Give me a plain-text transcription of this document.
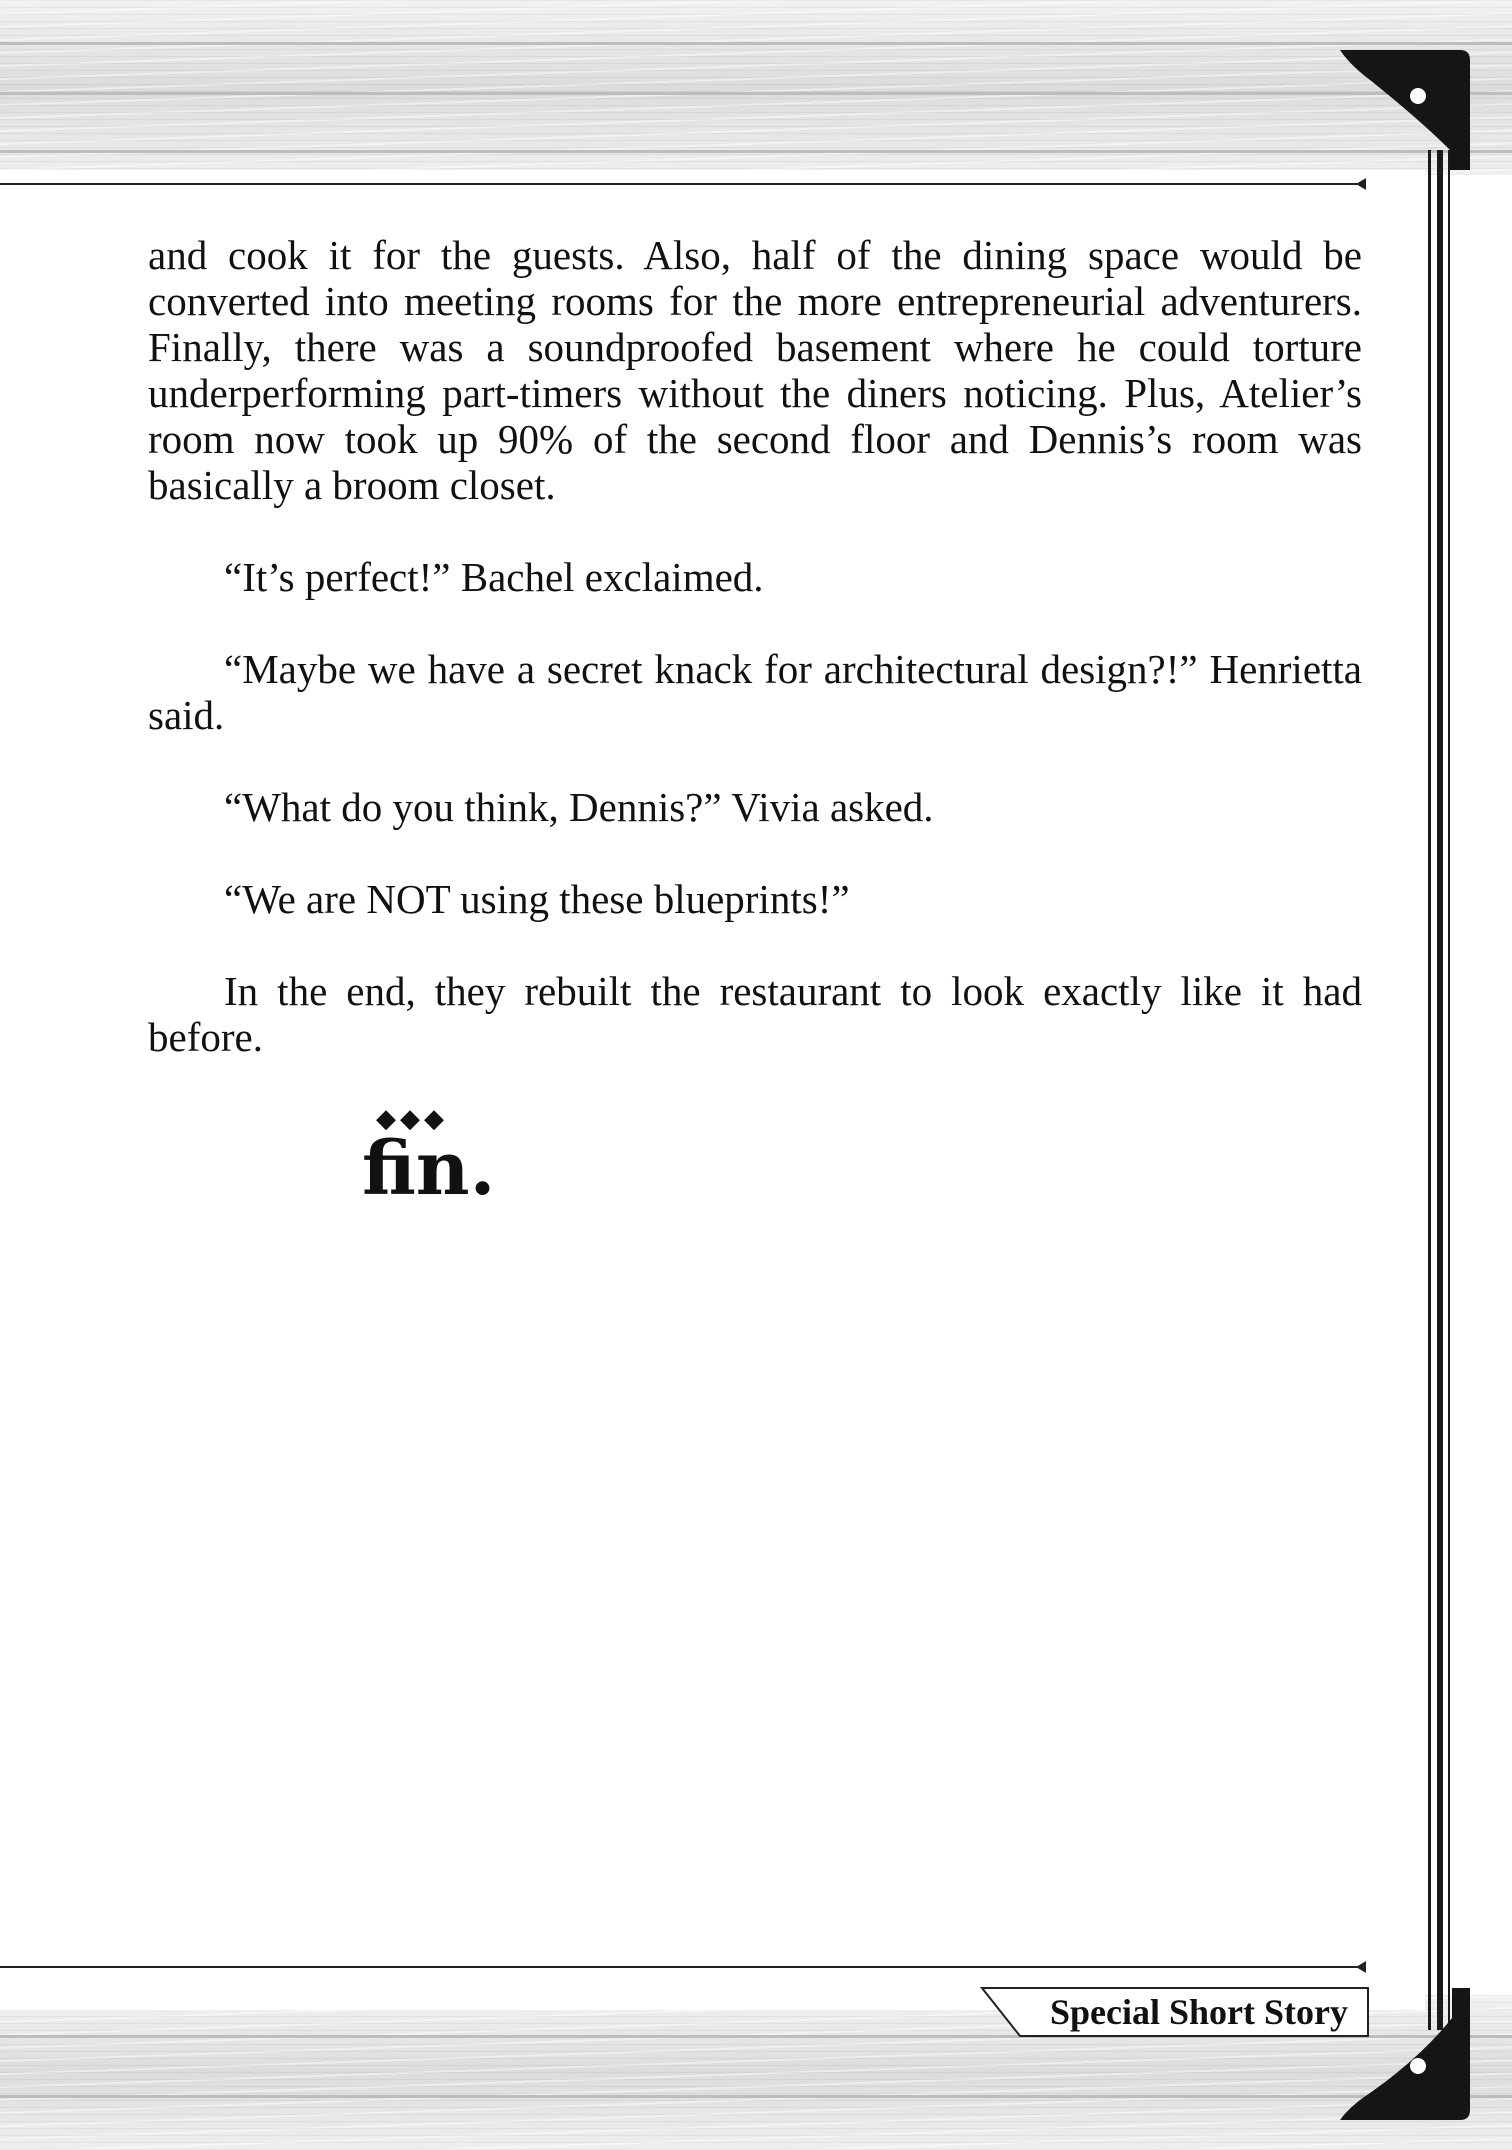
and cook it for the guests. Also, half of the dining space would be converted into meeting rooms for the more entrepreneurial adventurers. Finally, there was a soundproofed basement where he could torture underperforming part-timers without the diners noticing. Plus, Atelier’s room now took up 90% of the second floor and Dennis’s room was basically a broom closet.

“It’s perfect!” Bachel exclaimed.

“Maybe we have a secret knack for architectural design?!” Henrietta said.

“What do you think, Dennis?” Vivia asked.

“We are NOT using these blueprints!”

In the end, they rebuilt the restaurant to look exactly like it had before.

◆◆◆
fin.
Special Short Story
